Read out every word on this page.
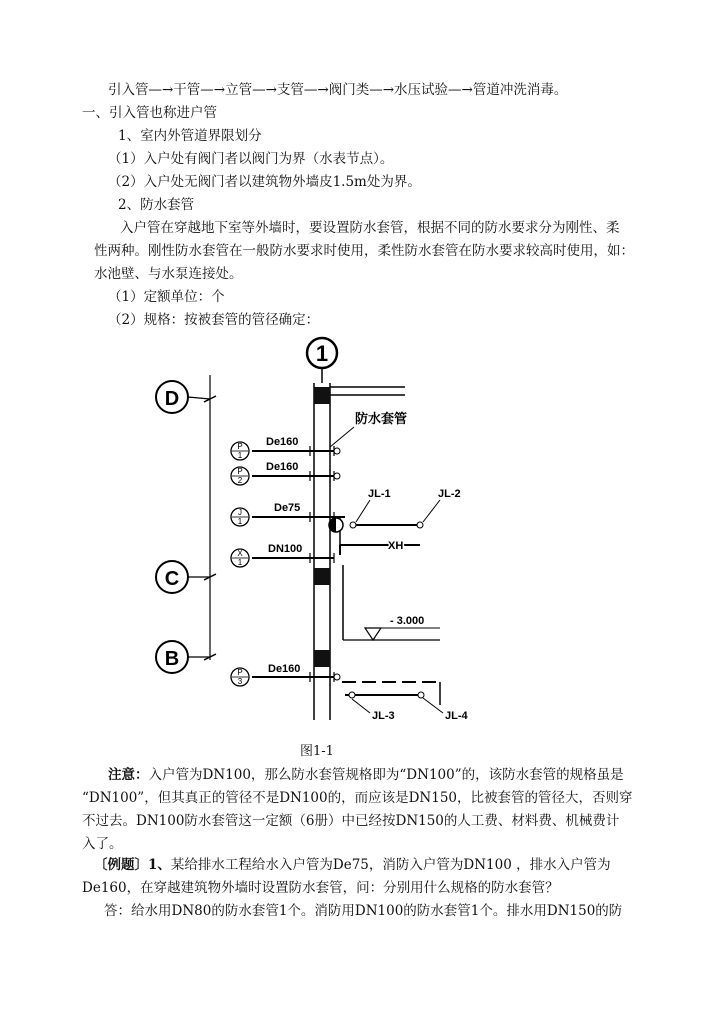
引入管—→干管—→立管—→支管—→阀门类—→水压试验—→管道冲洗消毒。
一、引入管也称进户管
1、室内外管道界限划分
（1）入户处有阀门者以阀门为界（水表节点）。
（2）入户处无阀门者以建筑物外墙皮1.5m处为界。
2、防水套管
入户管在穿越地下室等外墙时，要设置防水套管，根据不同的防水要求分为刚性、柔
性两种。刚性防水套管在一般防水要求时使用，柔性防水套管在防水要求较高时使用，如：
水池壁、与水泵连接处。
（1）定额单位：个
（2）规格：按被套管的管径确定：
1
D
C
B
防水套管
P
1
P
2
J
1
X
1
P
3
De160
De160
De75
DN100
De160
JL-1	JL-2
XH
- 3.000
JL-3	JL-4
图1-1
注意：入户管为DN100，那么防水套管规格即为“DN100”的，该防水套管的规格虽是
“DN100”，但其真正的管径不是DN100的，而应该是DN150，比被套管的管径大，否则穿
不过去。DN100防水套管这一定额（6册）中已经按DN150的人工费、材料费、机械费计
入了。
〔例题〕1、某给排水工程给水入户管为De75，消防入户管为DN100 ，排水入户管为
De160，在穿越建筑物外墙时设置防水套管，问：分别用什么规格的防水套管？
答：给水用DN80的防水套管1个。消防用DN100的防水套管1个。排水用DN150的防
